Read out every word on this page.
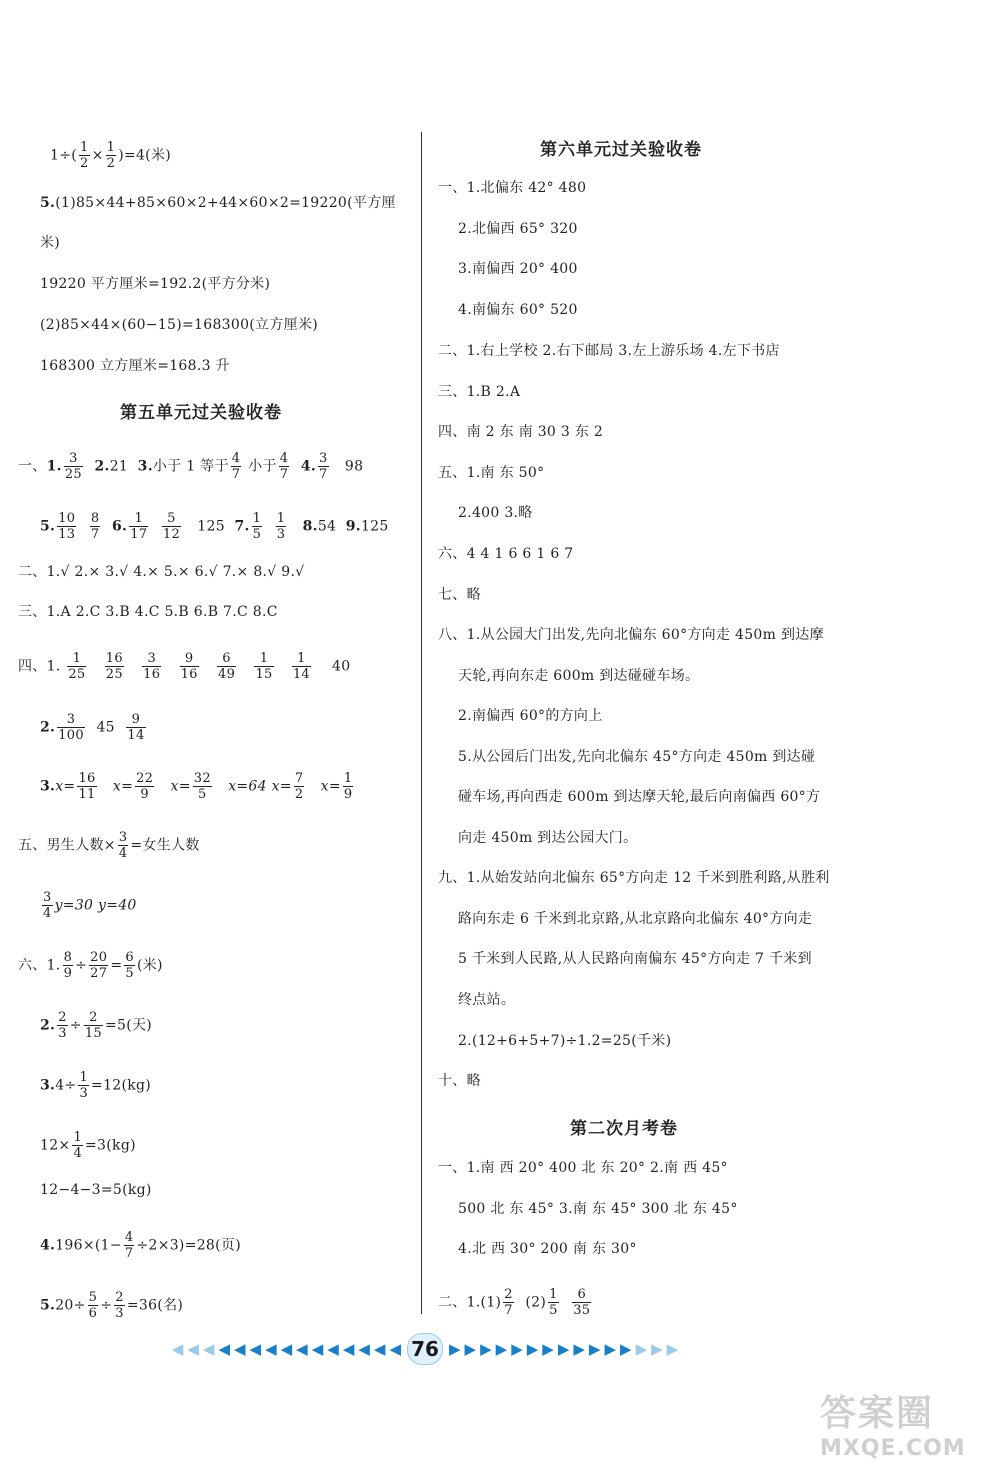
$1\div( \frac{1}{2} \times \frac{1}{2} )=4$(米)
5.(1)85×44+85×60×2+44×60×2=19220(平方厘
米)
19220 平方厘米=192.2(平方分米)
(2)85×44×(60−15)=168300(立方厘米)
168300 立方厘米=168.3 升
第五单元过关验收卷
一、1. $\frac{3}{25} 2.21$ 3.小于 1 等于 $\frac{4}{7}$ 小于 $\frac{4}{7} 4$. $\frac{3}{7} 98$
5. $\frac{10}{13}$
$\frac{8}{7} 6$. $\frac{1}{17}$
$\frac{5}{12} 125$ 7. $\frac{1}{5}$
$\frac{1}{3} 8.54$ 9.125
二、1.√ 2.× 3.√ 4.× 5.× 6.√ 7.× 8.√ 9.√
三、1.A 2.C 3.B 4.C 5.B 6.B 7.C 8.C
四、1. $\frac{1}{25}$
$\frac{16}{25}$
$\frac{3}{16}$
$\frac{9}{16}$
$\frac{6}{49}$
$\frac{1}{15}$
$\frac{1}{14} 40$
2. $\frac{3}{100} 45 \frac{9}{14}$
$3.x= \frac{16}{11} x= \frac{22}{9} x= \frac{32}{5} x=64$ $x= \frac{7}{2} x= \frac{1}{9}$
五、男生人数× $\frac{3}{4}$ =女生人数
$\frac{3}{4} y=30$ y=40
六、1. $\frac{8}{9} \div \frac{20}{27} = \frac{6}{5}$ (米)
2. $\frac{2}{3} \div \frac{2}{15} =5$(天)
$3.4\div \frac{1}{3} =12(kg)$
$12\times \frac{1}{4} =3(kg)$
12−4−3=5(kg)
$4.196\times(1- \frac{4}{7} \div 2\times 3)=28$(页)
$5.20\div \frac{5}{6} \div \frac{2}{3} =36$(名)
第六单元过关验收卷
一、1.北偏东 42° 480
2.北偏西 65° 320
3.南偏西 20° 400
4.南偏东 60° 520
二、1.右上学校 2.右下邮局 3.左上游乐场 4.左下书店
三、1.B 2.A
四、南 2 东 南 30 3 东 2
五、1.南 东 50°
2.400 3.略
六、4 4 1 6 6 1 6 7
七、略
八、1.从公园大门出发,先向北偏东 60°方向走 450m 到达摩
天轮,再向东走 600m 到达碰碰车场。
2.南偏西 60°的方向上
5.从公园后门出发,先向北偏东 45°方向走 450m 到达碰
碰车场,再向西走 600m 到达摩天轮,最后向南偏西 60°方
向走 450m 到达公园大门。
九、1.从始发站向北偏东 65°方向走 12 千米到胜利路,从胜利
路向东走 6 千米到北京路,从北京路向北偏东 40°方向走
5 千米到人民路,从人民路向南偏东 45°方向走 7 千米到
终点站。
2.(12+6+5+7)÷1.2=25(千米)
十、略
第二次月考卷
一、1.南 西 20° 400 北 东 20° 2.南 西 45°
500 北 东 45° 3.南 东 45° 300 北 东 45°
4.北 西 30° 200 南 东 30°
二、$1.(1) \frac{2}{7} (2) \frac{1}{5}$
$\frac{6}{35}$
◀ ◀ ◀ ◀ ◀ ◀ ◀ ◀ ◀ ◀ ◀ ◀ ◀ ◀ ◀ 76 ▶ ▶ ▶ ▶ ▶ ▶ ▶ ▶ ▶ ▶ ▶ ▶ ▶ ▶ ▶
答案圈
MXQE.COM
